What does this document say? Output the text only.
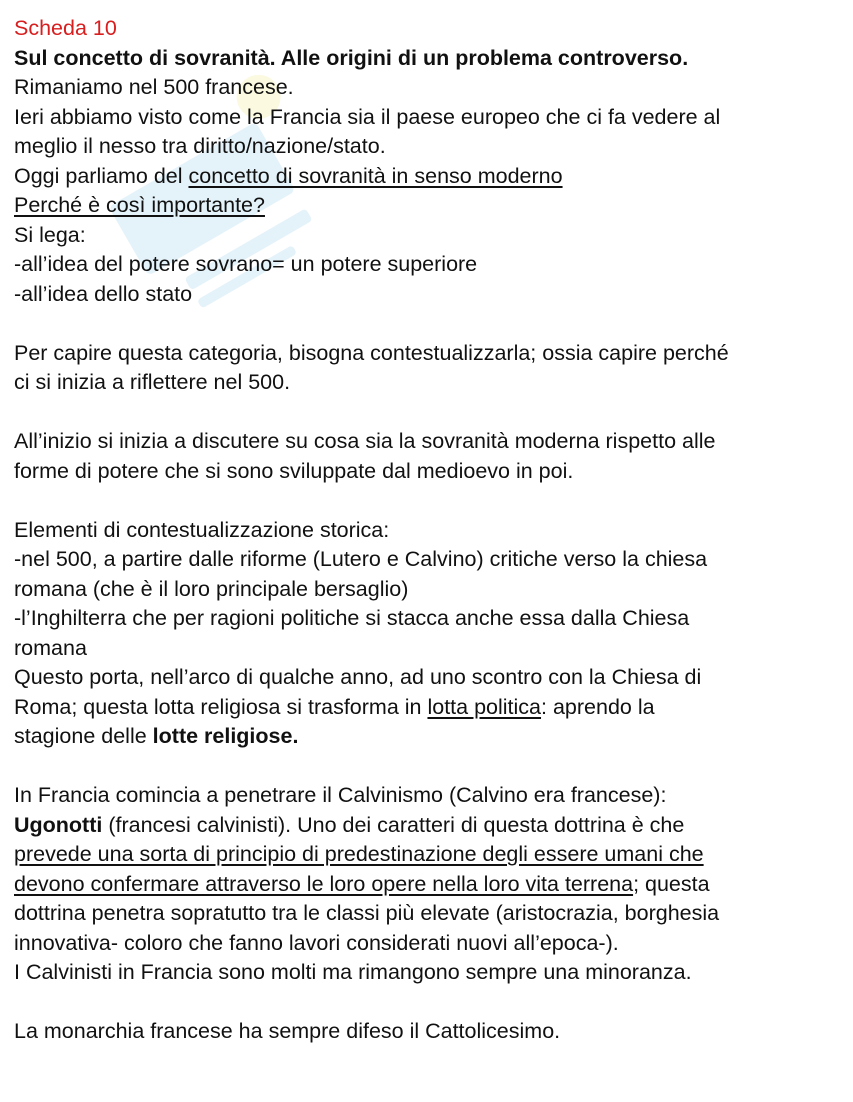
Scheda 10
Sul concetto di sovranità. Alle origini di un problema controverso.
Rimaniamo nel 500 francese.
Ieri abbiamo visto come la Francia sia il paese europeo che ci fa vedere al
meglio il nesso tra diritto/nazione/stato.
Oggi parliamo del concetto di sovranità in senso moderno
Perché è così importante?
Si lega:
-all’idea del potere sovrano= un potere superiore
-all’idea dello stato
Per capire questa categoria, bisogna contestualizzarla; ossia capire perché
ci si inizia a riflettere nel 500.
All’inizio si inizia a discutere su cosa sia la sovranità moderna rispetto alle
forme di potere che si sono sviluppate dal medioevo in poi.
Elementi di contestualizzazione storica:
-nel 500, a partire dalle riforme (Lutero e Calvino) critiche verso la chiesa
romana (che è il loro principale bersaglio)
-l’Inghilterra che per ragioni politiche si stacca anche essa dalla Chiesa
romana
Questo porta, nell’arco di qualche anno, ad uno scontro con la Chiesa di
Roma; questa lotta religiosa si trasforma in lotta politica: aprendo la
stagione delle lotte religiose.
In Francia comincia a penetrare il Calvinismo (Calvino era francese):
Ugonotti (francesi calvinisti). Uno dei caratteri di questa dottrina è che
prevede una sorta di principio di predestinazione degli essere umani che
devono confermare attraverso le loro opere nella loro vita terrena; questa
dottrina penetra sopratutto tra le classi più elevate (aristocrazia, borghesia
innovativa- coloro che fanno lavori considerati nuovi all’epoca-).
I Calvinisti in Francia sono molti ma rimangono sempre una minoranza.
La monarchia francese ha sempre difeso il Cattolicesimo.
